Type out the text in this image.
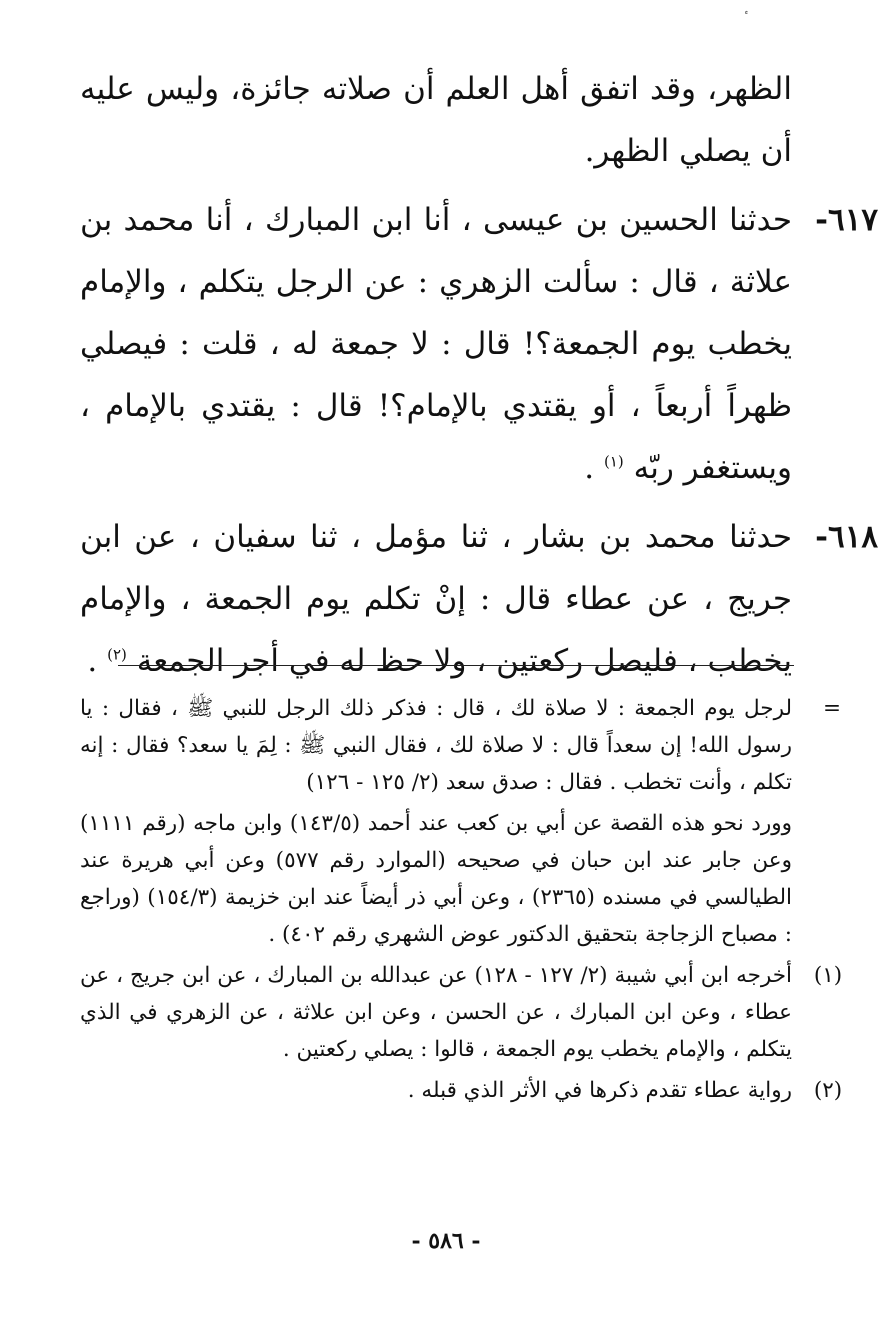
الظهر، وقد اتفق أهل العلم أن صلاته جائزة، وليس عليه أن يصلي الظهر.

٦١٧-
حدثنا الحسين بن عيسى ، أنا ابن المبارك ، أنا محمد بن علاثة ، قال : سألت الزهري : عن الرجل يتكلم ، والإمام يخطب يوم الجمعة؟! قال : لا جمعة له ، قلت : فيصلي ظهراً أربعاً ، أو يقتدي بالإمام؟! قال : يقتدي بالإمام ، ويستغفر ربّه $^{(١)}$ .

٦١٨-
حدثنا محمد بن بشار ، ثنا مؤمل ، ثنا سفيان ، عن ابن جريج ، عن عطاء قال : إنْ تكلم يوم الجمعة ، والإمام يخطب ، فليصل ركعتين ، ولا حظ له في أجر الجمعة $^{(٢)}$ .

=
لرجل يوم الجمعة : لا صلاة لك ، قال : فذكر ذلك الرجل للنبي ﷺ ، فقال : يا رسول الله! إن سعداً قال : لا صلاة لك ، فقال النبي ﷺ : لِمَ يا سعد؟ فقال : إنه تكلم ، وأنت تخطب . فقال : صدق سعد (٢/ ١٢٥ - ١٢٦)

وورد نحو هذه القصة عن أبي بن كعب عند أحمد (١٤٣/٥) وابن ماجه (رقم ١١١١) وعن جابر عند ابن حبان في صحيحه (الموارد رقم ٥٧٧) وعن أبي هريرة عند الطيالسي في مسنده (٢٣٦٥) ، وعن أبي ذر أيضاً عند ابن خزيمة (١٥٤/٣) (وراجع : مصباح الزجاجة بتحقيق الدكتور عوض الشهري رقم ٤٠٢) .

(١)
أخرجه ابن أبي شيبة (٢/ ١٢٧ - ١٢٨) عن عبدالله بن المبارك ، عن ابن جريج ، عن عطاء ، وعن ابن المبارك ، عن الحسن ، وعن ابن علاثة ، عن الزهري في الذي يتكلم ، والإمام يخطب يوم الجمعة ، قالوا : يصلي ركعتين .

(٢)
رواية عطاء تقدم ذكرها في الأثر الذي قبله .

- ٥٨٦ -
